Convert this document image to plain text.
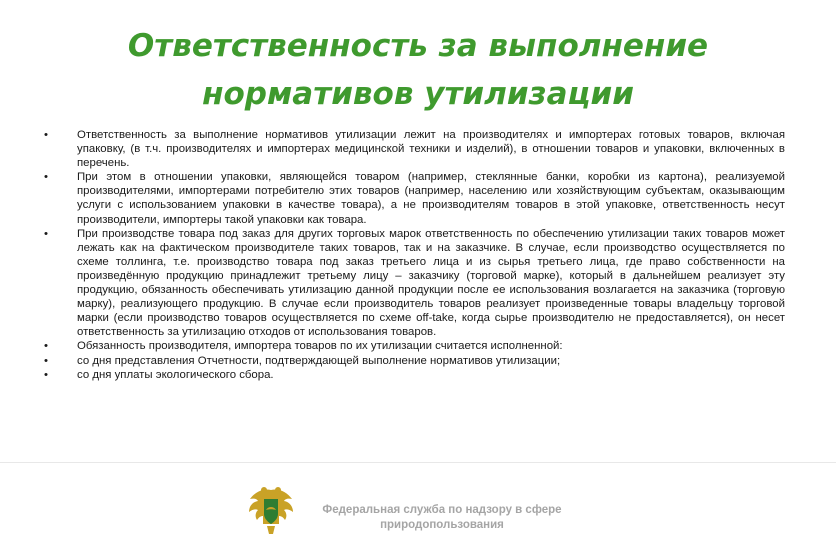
Ответственность за выполнение
нормативов утилизации
•	Ответственность за выполнение нормативов утилизации лежит на производителях и импортерах готовых товаров, включая упаковку, (в т.ч. производителях и импортерах медицинской техники и изделий), в отношении товаров и упаковки, включенных в перечень.
•	При этом в отношении упаковки, являющейся товаром (например, стеклянные банки, коробки из картона), реализуемой производителями, импортерами потребителю этих товаров (например, населению или хозяйствующим субъектам, оказывающим услуги с использованием упаковки в качестве товара), а не производителям товаров в этой упаковке, ответственность несут производители, импортеры такой упаковки как товара.
•	При производстве товара под заказ для других торговых марок ответственность по обеспечению утилизации таких товаров может лежать как на фактическом производителе таких товаров, так и на заказчике. В случае, если производство осуществляется по схеме толлинга, т.е. производство товара под заказ третьего лица и из сырья третьего лица, где право собственности на произведённую продукцию принадлежит третьему лицу – заказчику (торговой марке), который в дальнейшем реализует эту продукцию, обязанность обеспечивать утилизацию данной продукции после ее использования возлагается на заказчика (торговую марку), реализующего продукцию. В случае если производитель товаров реализует произведенные товары владельцу торговой марки (если производство товаров осуществляется по схеме off-take, когда сырье производителю не предоставляется), он несет ответственность за утилизацию отходов от использования товаров.
•	Обязанность производителя, импортера товаров по их утилизации считается исполненной:
•	со дня представления Отчетности, подтверждающей выполнение нормативов утилизации;
•	со дня уплаты экологического сбора.
Федеральная служба по надзору в сфере
природопользования
